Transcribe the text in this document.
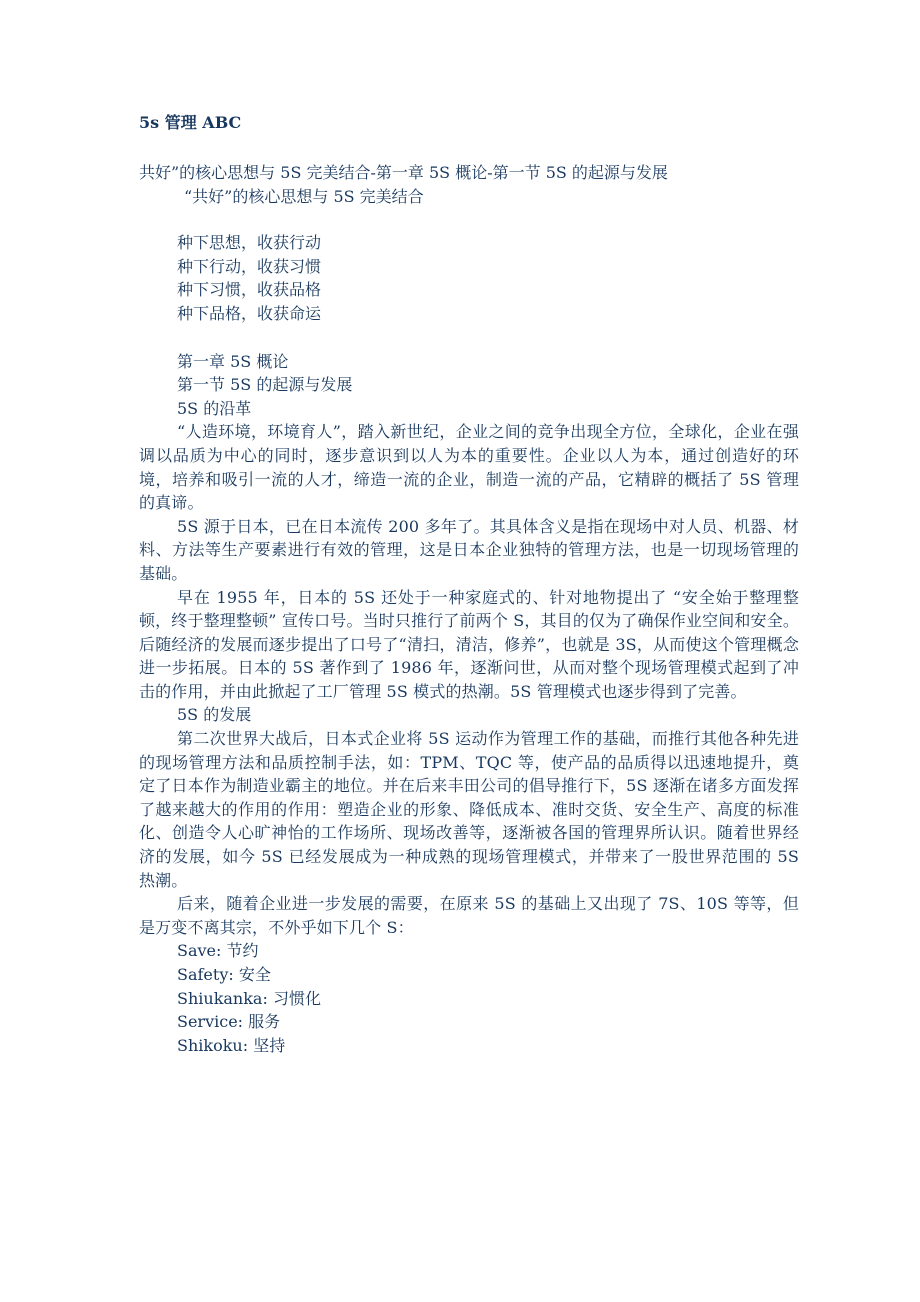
5s 管理 ABC

共好”的核心思想与 5S 完美结合-第一章 5S 概论-第一节 5S 的起源与发展

“共好”的核心思想与 5S 完美结合

种下思想，收获行动

种下行动，收获习惯

种下习惯，收获品格

种下品格，收获命运

第一章 5S 概论

第一节 5S 的起源与发展

5S 的沿革

“人造环境，环境育人”，踏入新世纪，企业之间的竞争出现全方位，全球化，企业在强调以品质为中心的同时，逐步意识到以人为本的重要性。企业以人为本，通过创造好的环境，培养和吸引一流的人才，缔造一流的企业，制造一流的产品，它精辟的概括了 5S 管理的真谛。

5S 源于日本，已在日本流传 200 多年了。其具体含义是指在现场中对人员、机器、材料、方法等生产要素进行有效的管理，这是日本企业独特的管理方法，也是一切现场管理的基础。

早在 1955 年，日本的 5S 还处于一种家庭式的、针对地物提出了 “安全始于整理整顿，终于整理整顿” 宣传口号。当时只推行了前两个 S，其目的仅为了确保作业空间和安全。后随经济的发展而逐步提出了口号了“清扫，清洁，修养”，也就是 3S，从而使这个管理概念进一步拓展。日本的 5S 著作到了 1986 年，逐渐问世，从而对整个现场管理模式起到了冲击的作用，并由此掀起了工厂管理 5S 模式的热潮。5S 管理模式也逐步得到了完善。

5S 的发展

第二次世界大战后，日本式企业将 5S 运动作为管理工作的基础，而推行其他各种先进的现场管理方法和品质控制手法，如：TPM、TQC 等，使产品的品质得以迅速地提升，奠定了日本作为制造业霸主的地位。并在后来丰田公司的倡导推行下，5S 逐渐在诸多方面发挥了越来越大的作用的作用：塑造企业的形象、降低成本、准时交货、安全生产、高度的标准化、创造令人心旷神怡的工作场所、现场改善等，逐渐被各国的管理界所认识。随着世界经济的发展，如今 5S 已经发展成为一种成熟的现场管理模式，并带来了一股世界范围的 5S 热潮。

后来，随着企业进一步发展的需要，在原来 5S 的基础上又出现了 7S、10S 等等，但是万变不离其宗，不外乎如下几个 S：

Save: 节约

Safety: 安全

Shiukanka: 习惯化

Service: 服务

Shikoku: 坚持
